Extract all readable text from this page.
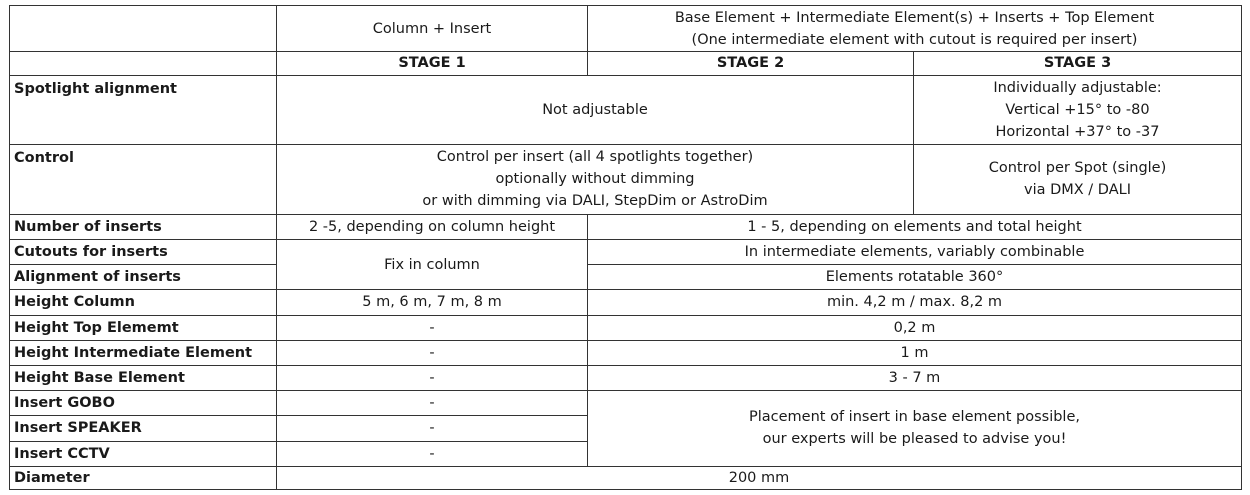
	Column + Insert	Base Element + Intermediate Element(s) + Inserts + Top Element
(One intermediate element with cutout is required per insert)	

	STAGE 1	STAGE 2	STAGE 3
Spotlight alignment	Not adjustable		Individually adjustable:
Vertical +15° to -80
Horizontal +37° to -37

Control	Control per insert (all 4 spotlights together)
optionally without dimming
or with dimming via DALI, StepDim or AstroDim		Control per Spot (single)
via DMX / DALI

Number of inserts	2 -5, depending on column height	1 - 5, depending on elements and total height	
Cutouts for inserts	Fix in column	In intermediate elements, variably combinable	
Alignment of inserts		Elements rotatable 360°	
Height Column	5 m, 6 m, 7 m, 8 m	min. 4,2 m / max. 8,2 m	
Height Top Elememt	-	0,2 m	
Height Intermediate Element	-	1 m	
Height Base Element	-	3 - 7 m	
Insert GOBO	-	Placement of insert in base element possible,
our experts will be pleased to advise you!	

Insert SPEAKER	-		
Insert CCTV	-		
Diameter	200 mm		
